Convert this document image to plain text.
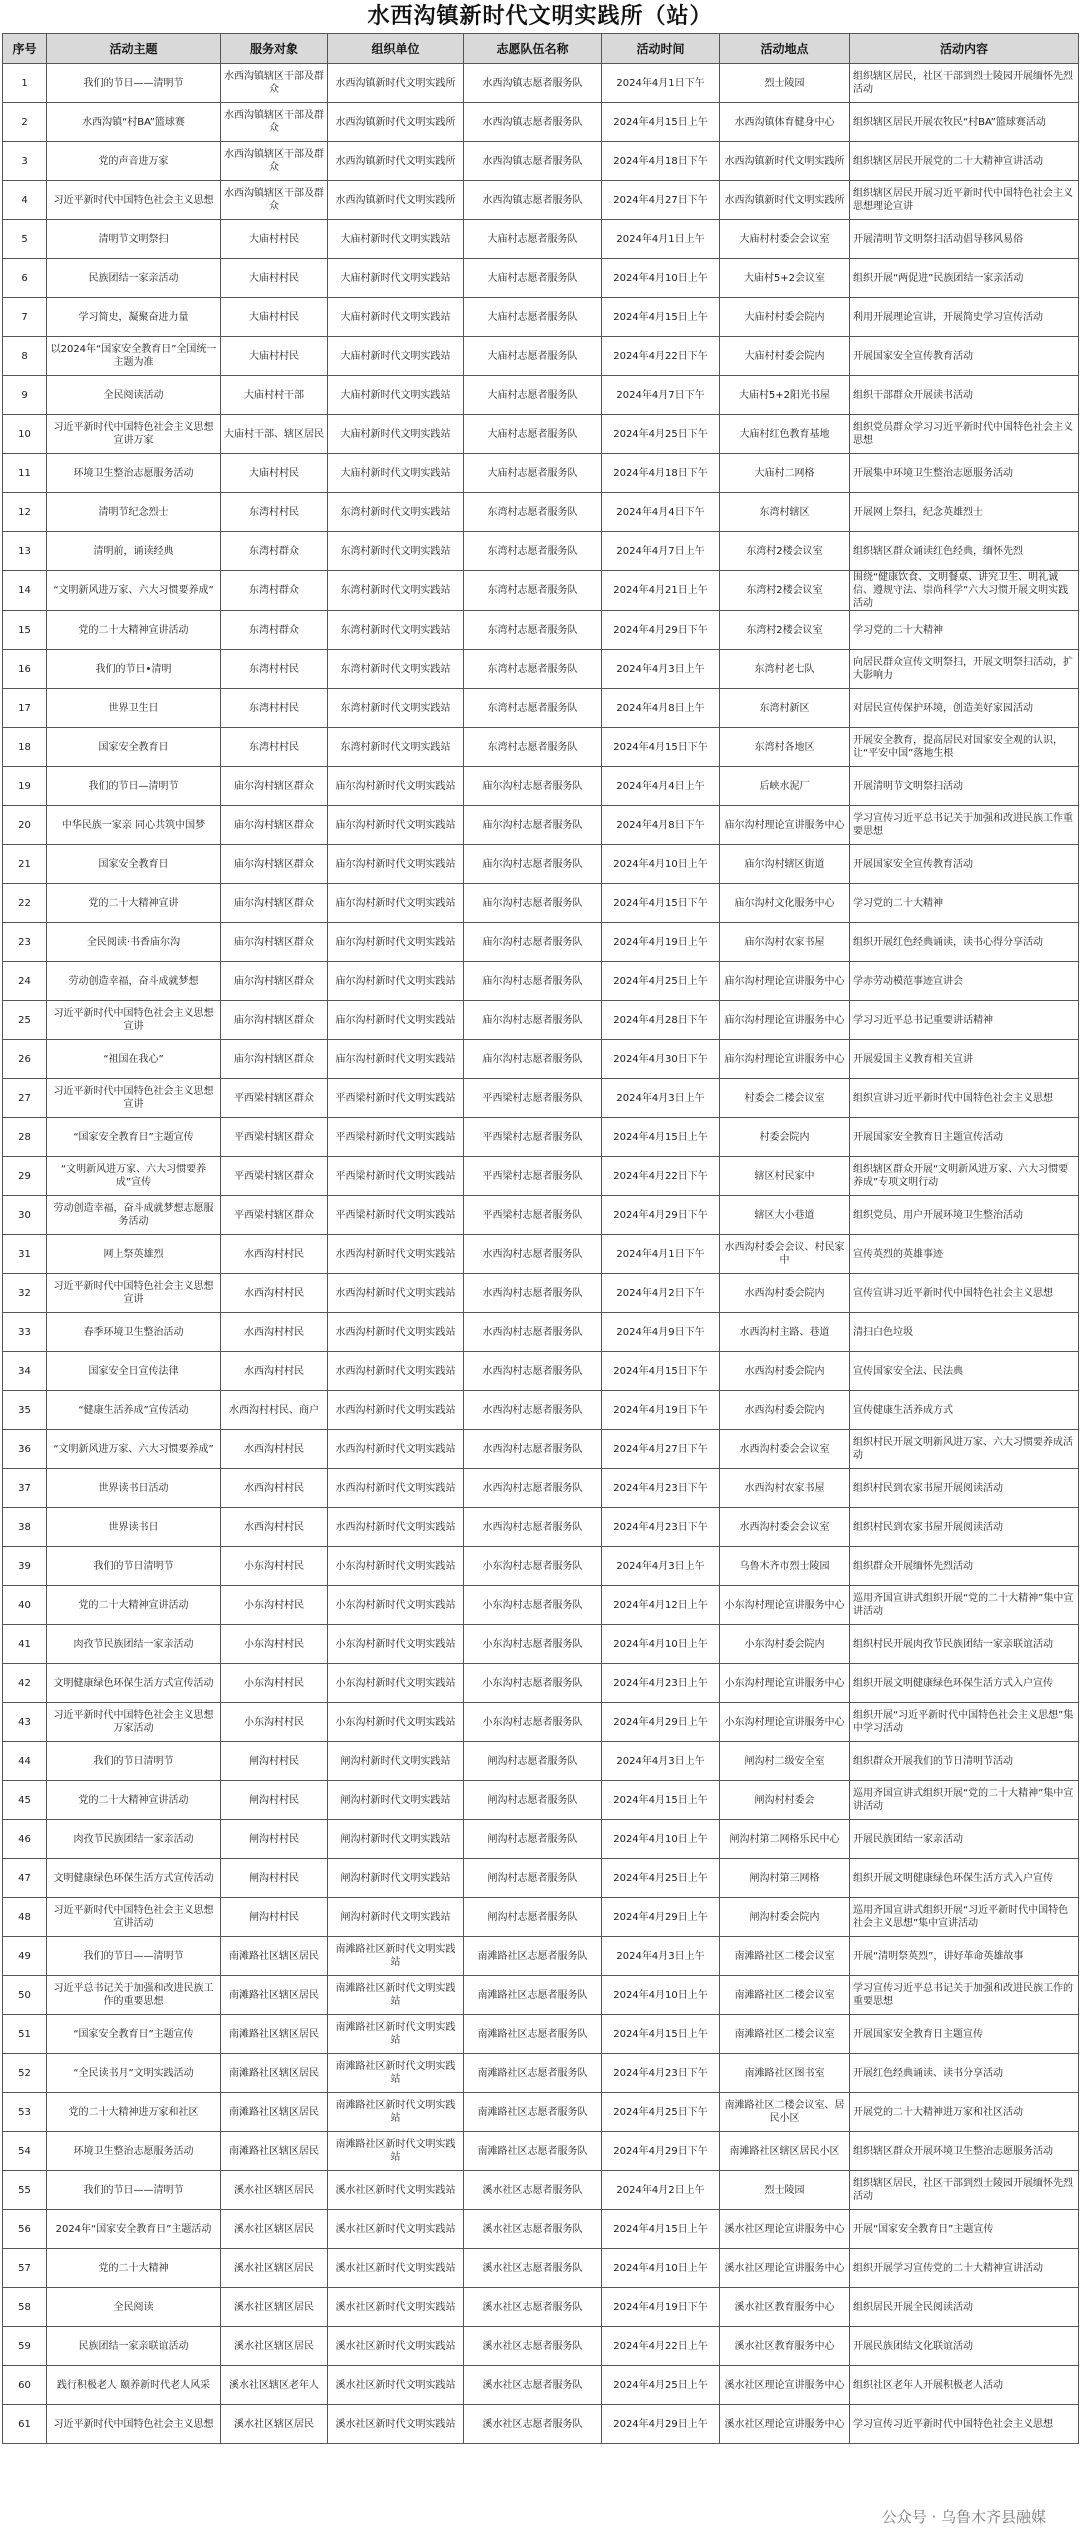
水西沟镇新时代文明实践所（站）
序号	活动主题	服务对象	组织单位	志愿队伍名称	活动时间	活动地点	活动内容
1	我们的节日——清明节	水西沟镇辖区干部及群众	水西沟镇新时代文明实践所	水西沟镇志愿者服务队	2024年4月1日下午	烈士陵园	组织辖区居民，社区干部到烈士陵园开展缅怀先烈活动
2	水西沟镇“村BA”篮球赛	水西沟镇辖区干部及群众	水西沟镇新时代文明实践所	水西沟镇志愿者服务队	2024年4月15日上午	水西沟镇体育健身中心	组织辖区居民开展农牧民“村BA”篮球赛活动
3	党的声音进万家	水西沟镇辖区干部及群众	水西沟镇新时代文明实践所	水西沟镇志愿者服务队	2024年4月18日下午	水西沟镇新时代文明实践所	组织辖区居民开展党的二十大精神宣讲活动
4	习近平新时代中国特色社会主义思想	水西沟镇辖区干部及群众	水西沟镇新时代文明实践所	水西沟镇志愿者服务队	2024年4月27日下午	水西沟镇新时代文明实践所	组织辖区居民开展习近平新时代中国特色社会主义思想理论宣讲
5	清明节文明祭扫	大庙村村民	大庙村新时代文明实践站	大庙村志愿者服务队	2024年4月1日上午	大庙村村委会会议室	开展清明节文明祭扫活动倡导移风易俗
6	民族团结一家亲活动	大庙村村民	大庙村新时代文明实践站	大庙村志愿者服务队	2024年4月10日上午	大庙村5+2会议室	组织开展“两促进”民族团结一家亲活动
7	学习简史，凝聚奋进力量	大庙村村民	大庙村新时代文明实践站	大庙村志愿者服务队	2024年4月15日上午	大庙村村委会院内	利用开展理论宣讲，开展简史学习宣传活动
8	以2024年“国家安全教育日”全国统一主题为准	大庙村村民	大庙村新时代文明实践站	大庙村志愿者服务队	2024年4月22日下午	大庙村村委会院内	开展国家安全宣传教育活动
9	全民阅读活动	大庙村村干部	大庙村新时代文明实践站	大庙村志愿者服务队	2024年4月7日下午	大庙村5+2阳光书屋	组织干部群众开展读书活动
10	习近平新时代中国特色社会主义思想宣讲万家	大庙村干部、辖区居民	大庙村新时代文明实践站	大庙村志愿者服务队	2024年4月25日下午	大庙村红色教育基地	组织党员群众学习习近平新时代中国特色社会主义思想
11	环境卫生整治志愿服务活动	大庙村村民	大庙村新时代文明实践站	大庙村志愿者服务队	2024年4月18日下午	大庙村二网格	开展集中环境卫生整治志愿服务活动
12	清明节纪念烈士	东湾村村民	东湾村新时代文明实践站	东湾村志愿者服务队	2024年4月4日下午	东湾村辖区	开展网上祭扫，纪念英雄烈士
13	清明前，诵读经典	东湾村群众	东湾村新时代文明实践站	东湾村志愿者服务队	2024年4月7日上午	东湾村2楼会议室	组织辖区群众诵读红色经典，缅怀先烈
14	“文明新风进万家、六大习惯要养成”	东湾村群众	东湾村新时代文明实践站	东湾村志愿者服务队	2024年4月21日上午	东湾村2楼会议室	围绕“健康饮食、文明餐桌、讲究卫生、明礼诚信、遵规守法、崇尚科学”六大习惯开展文明实践活动
15	党的二十大精神宣讲活动	东湾村群众	东湾村新时代文明实践站	东湾村志愿者服务队	2024年4月29日下午	东湾村2楼会议室	学习党的二十大精神
16	我们的节日•清明	东湾村村民	东湾村新时代文明实践站	东湾村志愿者服务队	2024年4月3日上午	东湾村老七队	向居民群众宣传文明祭扫，开展文明祭扫活动，扩大影响力
17	世界卫生日	东湾村村民	东湾村新时代文明实践站	东湾村志愿者服务队	2024年4月8日上午	东湾村新区	对居民宣传保护环境，创造美好家园活动
18	国家安全教育日	东湾村村民	东湾村新时代文明实践站	东湾村志愿者服务队	2024年4月15日下午	东湾村各地区	开展安全教育，提高居民对国家安全观的认识，让“平安中国”落地生根
19	我们的节日—清明节	庙尔沟村辖区群众	庙尔沟村新时代文明实践站	庙尔沟村志愿者服务队	2024年4月4日上午	后峡水泥厂	开展清明节文明祭扫活动
20	中华民族一家亲 同心共筑中国梦	庙尔沟村辖区群众	庙尔沟村新时代文明实践站	庙尔沟村志愿者服务队	2024年4月8日下午	庙尔沟村理论宣讲服务中心	学习宣传习近平总书记关于加强和改进民族工作重要思想
21	国家安全教育日	庙尔沟村辖区群众	庙尔沟村新时代文明实践站	庙尔沟村志愿者服务队	2024年4月10日上午	庙尔沟村辖区街道	开展国家安全宣传教育活动
22	党的二十大精神宣讲	庙尔沟村辖区群众	庙尔沟村新时代文明实践站	庙尔沟村志愿者服务队	2024年4月15日下午	庙尔沟村文化服务中心	学习党的二十大精神
23	全民阅读·书香庙尔沟	庙尔沟村辖区群众	庙尔沟村新时代文明实践站	庙尔沟村志愿者服务队	2024年4月19日上午	庙尔沟村农家书屋	组织开展红色经典诵读，读书心得分享活动
24	劳动创造幸福，奋斗成就梦想	庙尔沟村辖区群众	庙尔沟村新时代文明实践站	庙尔沟村志愿者服务队	2024年4月25日上午	庙尔沟村理论宣讲服务中心	学赤劳动模范事迹宣讲会
25	习近平新时代中国特色社会主义思想宣讲	庙尔沟村辖区群众	庙尔沟村新时代文明实践站	庙尔沟村志愿者服务队	2024年4月28日下午	庙尔沟村理论宣讲服务中心	学习习近平总书记重要讲话精神
26	“祖国在我心”	庙尔沟村辖区群众	庙尔沟村新时代文明实践站	庙尔沟村志愿者服务队	2024年4月30日下午	庙尔沟村理论宣讲服务中心	开展爱国主义教育相关宣讲
27	习近平新时代中国特色社会主义思想宣讲	平西梁村辖区群众	平西梁村新时代文明实践站	平西梁村志愿者服务队	2024年4月3日上午	村委会二楼会议室	组织宣讲习近平新时代中国特色社会主义思想
28	“国家安全教育日”主题宣传	平西梁村辖区群众	平西梁村新时代文明实践站	平西梁村志愿者服务队	2024年4月15日上午	村委会院内	开展国家安全教育日主题宣传活动
29	“文明新风进万家、六大习惯要养成”宣传	平西梁村辖区群众	平西梁村新时代文明实践站	平西梁村志愿者服务队	2024年4月22日下午	辖区村民家中	组织辖区群众开展“文明新风进万家、六大习惯要养成”专项文明行动
30	劳动创造幸福，奋斗成就梦想志愿服务活动	平西梁村辖区群众	平西梁村新时代文明实践站	平西梁村志愿者服务队	2024年4月29日下午	辖区大小巷道	组织党员、用户开展环境卫生整治活动
31	网上祭英雄烈	水西沟村村民	水西沟村新时代文明实践站	水西沟村志愿者服务队	2024年4月1日下午	水西沟村委会会议、村民家中	宣传英烈的英雄事迹
32	习近平新时代中国特色社会主义思想宣讲	水西沟村村民	水西沟村新时代文明实践站	水西沟村志愿者服务队	2024年4月2日下午	水西沟村委会院内	宣传宣讲习近平新时代中国特色社会主义思想
33	春季环境卫生整治活动	水西沟村村民	水西沟村新时代文明实践站	水西沟村志愿者服务队	2024年4月9日下午	水西沟村主路、巷道	清扫白色垃圾
34	国家安全日宣传法律	水西沟村村民	水西沟村新时代文明实践站	水西沟村志愿者服务队	2024年4月15日下午	水西沟村委会院内	宣传国家安全法、民法典
35	“健康生活养成”宣传活动	水西沟村村民、商户	水西沟村新时代文明实践站	水西沟村志愿者服务队	2024年4月19日下午	水西沟村委会院内	宣传健康生活养成方式
36	“文明新风进万家、六大习惯要养成”	水西沟村村民	水西沟村新时代文明实践站	水西沟村志愿者服务队	2024年4月27日下午	水西沟村委会会议室	组织村民开展文明新风进万家、六大习惯要养成活动
37	世界读书日活动	水西沟村村民	水西沟村新时代文明实践站	水西沟村志愿者服务队	2024年4月23日下午	水西沟村农家书屋	组织村民到农家书屋开展阅读活动
38	世界读书日	水西沟村村民	水西沟村新时代文明实践站	水西沟村志愿者服务队	2024年4月23日下午	水西沟村委会会议室	组织村民到农家书屋开展阅读活动
39	我们的节日清明节	小东沟村村民	小东沟村新时代文明实践站	小东沟村志愿者服务队	2024年4月3日上午	乌鲁木齐市烈士陵园	组织群众开展缅怀先烈活动
40	党的二十大精神宣讲活动	小东沟村村民	小东沟村新时代文明实践站	小东沟村志愿者服务队	2024年4月12日上午	小东沟村理论宣讲服务中心	巡用齐国宣讲式组织开展“党的二十大精神”集中宣讲活动
41	肉孜节民族团结一家亲活动	小东沟村村民	小东沟村新时代文明实践站	小东沟村志愿者服务队	2024年4月10日上午	小东沟村委会院内	组织村民开展肉孜节民族团结一家亲联谊活动
42	文明健康绿色环保生活方式宣传活动	小东沟村村民	小东沟村新时代文明实践站	小东沟村志愿者服务队	2024年4月23日上午	小东沟村理论宣讲服务中心	组织开展文明健康绿色环保生活方式入户宣传
43	习近平新时代中国特色社会主义思想万家活动	小东沟村村民	小东沟村新时代文明实践站	小东沟村志愿者服务队	2024年4月29日上午	小东沟村理论宣讲服务中心	组织开展“习近平新时代中国特色社会主义思想”集中学习活动
44	我们的节日清明节	闸沟村村民	闸沟村新时代文明实践站	闸沟村志愿者服务队	2024年4月3日上午	闸沟村二级安全室	组织群众开展我们的节日清明节活动
45	党的二十大精神宣讲活动	闸沟村村民	闸沟村新时代文明实践站	闸沟村志愿者服务队	2024年4月15日上午	闸沟村村委会	巡用齐国宣讲式组织开展“党的二十大精神”集中宣讲活动
46	肉孜节民族团结一家亲活动	闸沟村村民	闸沟村新时代文明实践站	闸沟村志愿者服务队	2024年4月10日上午	闸沟村第二网格乐民中心	开展民族团结一家亲活动
47	文明健康绿色环保生活方式宣传活动	闸沟村村民	闸沟村新时代文明实践站	闸沟村志愿者服务队	2024年4月25日上午	闸沟村第三网格	组织开展文明健康绿色环保生活方式入户宣传
48	习近平新时代中国特色社会主义思想宣讲活动	闸沟村村民	闸沟村新时代文明实践站	闸沟村志愿者服务队	2024年4月29日上午	闸沟村委会院内	巡用齐国宣讲式组织开展“习近平新时代中国特色社会主义思想”集中宣讲活动
49	我们的节日——清明节	南滩路社区辖区居民	南滩路社区新时代文明实践站	南滩路社区志愿者服务队	2024年4月3日上午	南滩路社区二楼会议室	开展“清明祭英烈”，讲好革命英雄故事
50	习近平总书记关于加强和改进民族工作的重要思想	南滩路社区辖区居民	南滩路社区新时代文明实践站	南滩路社区志愿者服务队	2024年4月10日上午	南滩路社区二楼会议室	学习宣传习近平总书记关于加强和改进民族工作的重要思想
51	“国家安全教育日”主题宣传	南滩路社区辖区居民	南滩路社区新时代文明实践站	南滩路社区志愿者服务队	2024年4月15日上午	南滩路社区二楼会议室	开展国家安全教育日主题宣传
52	“全民读书月”文明实践活动	南滩路社区辖区居民	南滩路社区新时代文明实践站	南滩路社区志愿者服务队	2024年4月23日下午	南滩路社区图书室	开展红色经典诵读、读书分享活动
53	党的二十大精神进万家和社区	南滩路社区辖区居民	南滩路社区新时代文明实践站	南滩路社区志愿者服务队	2024年4月25日下午	南滩路社区二楼会议室、居民小区	开展党的二十大精神进万家和社区活动
54	环境卫生整治志愿服务活动	南滩路社区辖区居民	南滩路社区新时代文明实践站	南滩路社区志愿者服务队	2024年4月29日下午	南滩路社区辖区居民小区	组织辖区群众开展环境卫生整治志愿服务活动
55	我们的节日——清明节	溪水社区辖区居民	溪水社区新时代文明实践站	溪水社区志愿者服务队	2024年4月2日上午	烈士陵园	组织辖区居民，社区干部到烈士陵园开展缅怀先烈活动
56	2024年“国家安全教育日”主题活动	溪水社区辖区居民	溪水社区新时代文明实践站	溪水社区志愿者服务队	2024年4月15日上午	溪水社区理论宣讲服务中心	开展“国家安全教育日”主题宣传
57	党的二十大精神	溪水社区辖区居民	溪水社区新时代文明实践站	溪水社区志愿者服务队	2024年4月10日上午	溪水社区理论宣讲服务中心	组织开展学习宣传党的二十大精神宣讲活动
58	全民阅读	溪水社区辖区居民	溪水社区新时代文明实践站	溪水社区志愿者服务队	2024年4月19日下午	溪水社区教育服务中心	组织居民开展全民阅读活动
59	民族团结一家亲联谊活动	溪水社区辖区居民	溪水社区新时代文明实践站	溪水社区志愿者服务队	2024年4月22日上午	溪水社区教育服务中心	开展民族团结文化联谊活动
60	践行积极老人 颐养新时代老人风采	溪水社区辖区老年人	溪水社区新时代文明实践站	溪水社区志愿者服务队	2024年4月25日上午	溪水社区理论宣讲服务中心	组织社区老年人开展积极老人活动
61	习近平新时代中国特色社会主义思想	溪水社区辖区居民	溪水社区新时代文明实践站	溪水社区志愿者服务队	2024年4月29日上午	溪水社区理论宣讲服务中心	学习宣传习近平新时代中国特色社会主义思想
公众号 · 乌鲁木齐县融媒
